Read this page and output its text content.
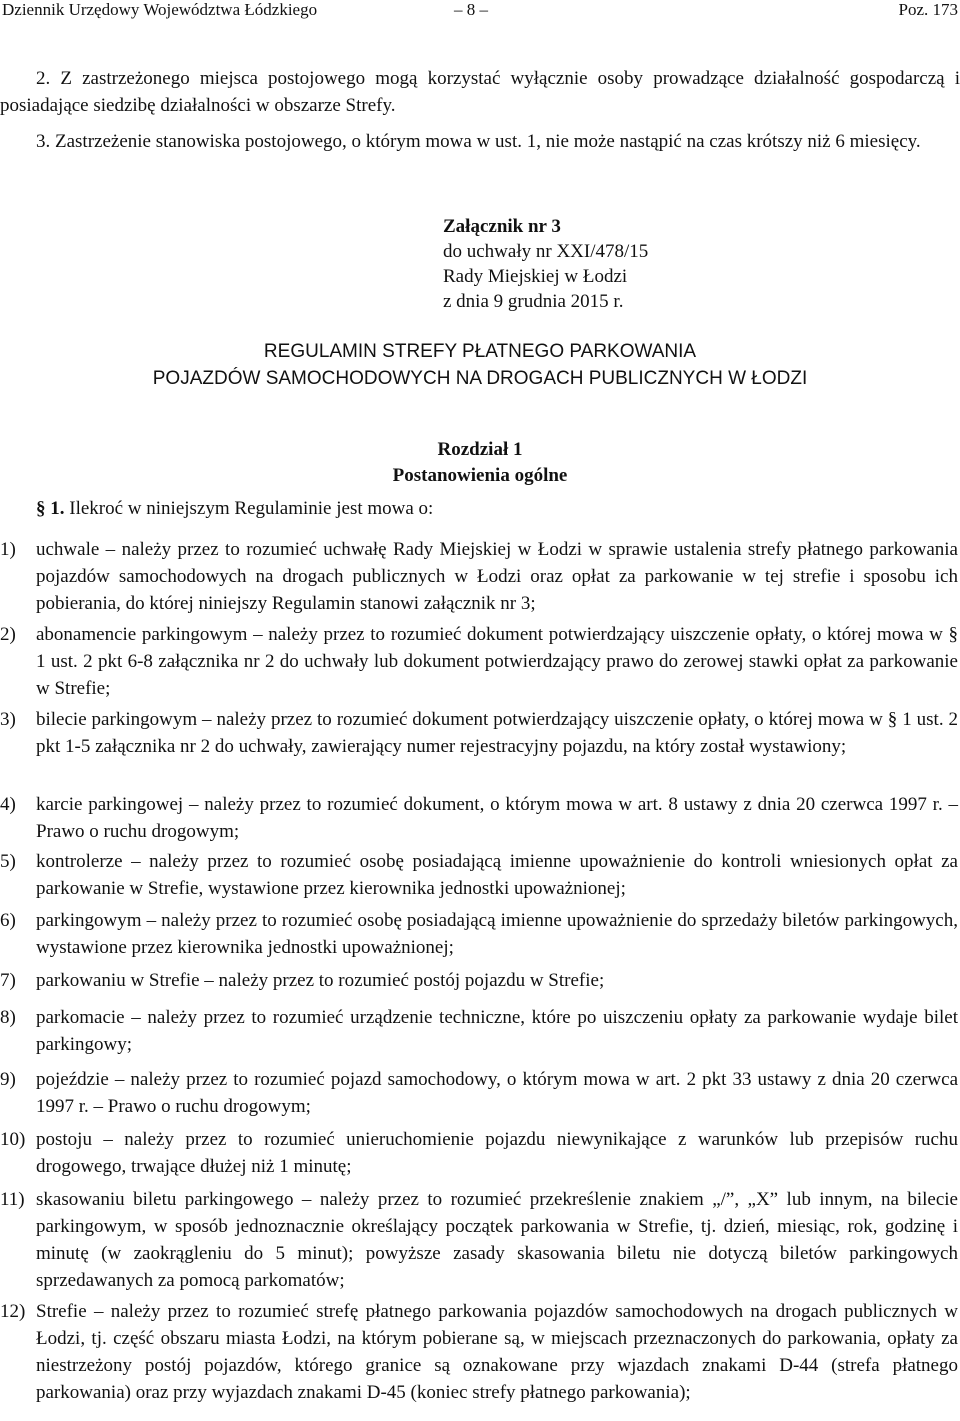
Dziennik Urzędowy Województwa Łódzkiego	– 8 –	Poz. 173

2. Z zastrzeżonego miejsca postojowego mogą korzystać wyłącznie osoby prowadzące działalność gospodarczą i posiadające siedzibę działalności w obszarze Strefy.

3. Zastrzeżenie stanowiska postojowego, o którym mowa w ust. 1, nie może nastąpić na czas krótszy niż 6 miesięcy.

Załącznik nr 3
do uchwały nr XXI/478/15
Rady Miejskiej w Łodzi
z dnia 9 grudnia 2015 r.
REGULAMIN STREFY PŁATNEGO PARKOWANIA
POJAZDÓW SAMOCHODOWYCH NA DROGACH PUBLICZNYCH W ŁODZI
Rozdział 1
Postanowienia ogólne
§ 1. Ilekroć w niniejszym Regulaminie jest mowa o:
1) uchwale – należy przez to rozumieć uchwałę Rady Miejskiej w Łodzi w sprawie ustalenia strefy płatnego parkowania pojazdów samochodowych na drogach publicznych w Łodzi oraz opłat za parkowanie w tej strefie i sposobu ich pobierania, do której niniejszy Regulamin stanowi załącznik nr 3;
2) abonamencie parkingowym – należy przez to rozumieć dokument potwierdzający uiszczenie opłaty, o której mowa w § 1 ust. 2 pkt 6-8 załącznika nr 2 do uchwały lub dokument potwierdzający prawo do zerowej stawki opłat za parkowanie w Strefie;
3) bilecie parkingowym – należy przez to rozumieć dokument potwierdzający uiszczenie opłaty, o której mowa w § 1 ust. 2 pkt 1-5 załącznika nr 2 do uchwały, zawierający numer rejestracyjny pojazdu, na który został wystawiony;
4) karcie parkingowej – należy przez to rozumieć dokument, o którym mowa w art. 8 ustawy z dnia 20 czerwca 1997 r. – Prawo o ruchu drogowym;
5) kontrolerze – należy przez to rozumieć osobę posiadającą imienne upoważnienie do kontroli wniesionych opłat za parkowanie w Strefie, wystawione przez kierownika jednostki upoważnionej;
6) parkingowym – należy przez to rozumieć osobę posiadającą imienne upoważnienie do sprzedaży biletów parkingowych, wystawione przez kierownika jednostki upoważnionej;
7) parkowaniu w Strefie – należy przez to rozumieć postój pojazdu w Strefie;
8) parkomacie – należy przez to rozumieć urządzenie techniczne, które po uiszczeniu opłaty za parkowanie wydaje bilet parkingowy;
9) pojeździe – należy przez to rozumieć pojazd samochodowy, o którym mowa w art. 2 pkt 33 ustawy z dnia 20 czerwca 1997 r. – Prawo o ruchu drogowym;
10) postoju – należy przez to rozumieć unieruchomienie pojazdu niewynikające z warunków lub przepisów ruchu drogowego, trwające dłużej niż 1 minutę;
11) skasowaniu biletu parkingowego – należy przez to rozumieć przekreślenie znakiem „/”, „X” lub innym, na bilecie parkingowym, w sposób jednoznacznie określający początek parkowania w Strefie, tj. dzień, miesiąc, rok, godzinę i minutę (w zaokrągleniu do 5 minut); powyższe zasady skasowania biletu nie dotyczą biletów parkingowych sprzedawanych za pomocą parkomatów;
12) Strefie – należy przez to rozumieć strefę płatnego parkowania pojazdów samochodowych na drogach publicznych w Łodzi, tj. część obszaru miasta Łodzi, na którym pobierane są, w miejscach przeznaczonych do parkowania, opłaty za niestrzeżony postój pojazdów, którego granice są oznakowane przy wjazdach znakami D-44 (strefa płatnego parkowania) oraz przy wyjazdach znakami D-45 (koniec strefy płatnego parkowania);
